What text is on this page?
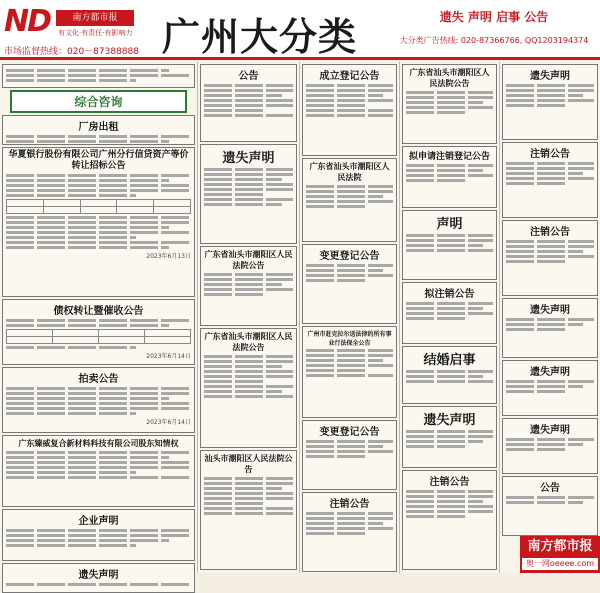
ND	南方都市报
有文化·有责任·有影响力
市场监督热线：020－87388888 广州大分类	遗失 声明 启事 公告
大分类广告热线: 020-87366766, QQ1203194374
综合咨询
厂房出租
华夏银行股份有限公司广州分行信贷资产等价转让招标公告

2023年6月13日
债权转让暨催收公告

2023年6月14日
拍卖公告
2023年6月14日
广东臻威复合新材料科技有限公司股东知情权
企业声明
遗失声明
公告
遗失声明
广东省汕头市潮阳区人民法院公告
广东省汕头市潮阳区人民法院公告
汕头市潮阳区人民法院公告
成立登记公告
广东省汕头市潮阳区人民法院
变更登记公告
广州市赶克拉尔送法律的所有事业行法保全公告
变更登记公告
注销公告
广东省汕头市潮阳区人民法院公告
拟申请注销登记公告
声明
拟注销公告
结婚启事
遗失声明
注销公告
遗失声明
注销公告
注销公告
遗失声明
遗失声明
遗失声明
公告
南方都市报
奥一网oeeee.com
